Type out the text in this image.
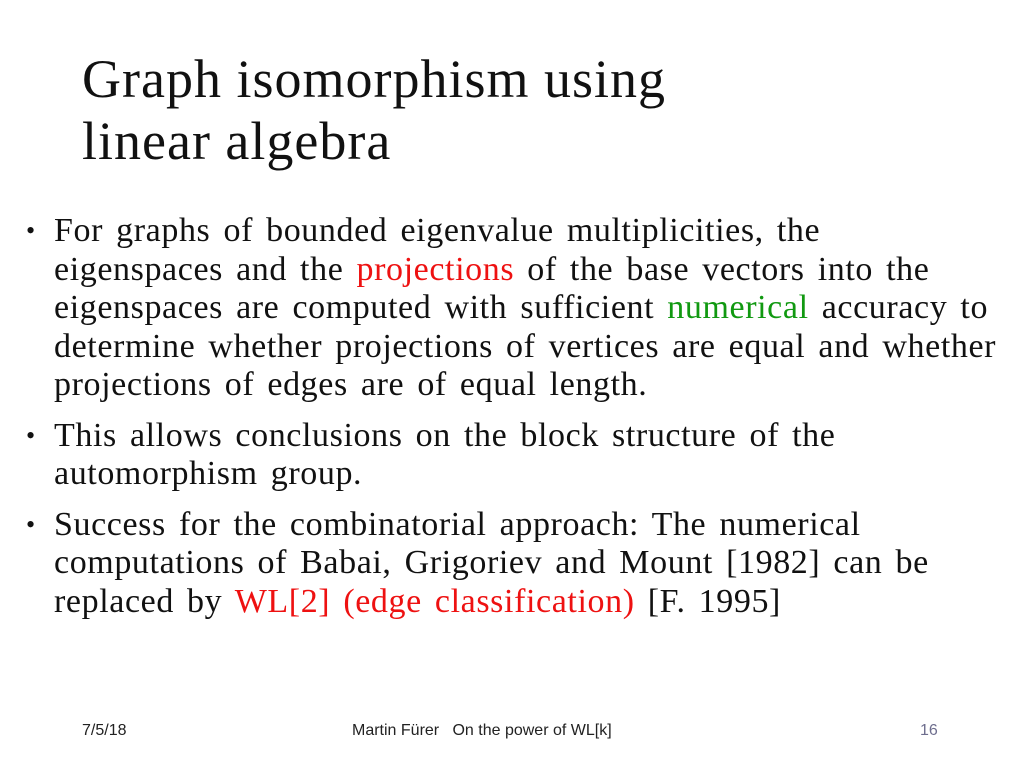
Graph isomorphism using
linear algebra

• For graphs of bounded eigenvalue multiplicities, the eigenspaces and the projections of the base vectors into the eigenspaces are computed with sufficient numerical accuracy to determine whether projections of vertices are equal and whether projections of edges are of equal length.

• This allows conclusions on the block structure of the automorphism group.

• Success for the combinatorial approach: The numerical computations of Babai, Grigoriev and Mount [1982] can be replaced by WL[2] (edge classification) [F. 1995]

7/5/18	Martin Fürer   On the power of WL[k]	16
